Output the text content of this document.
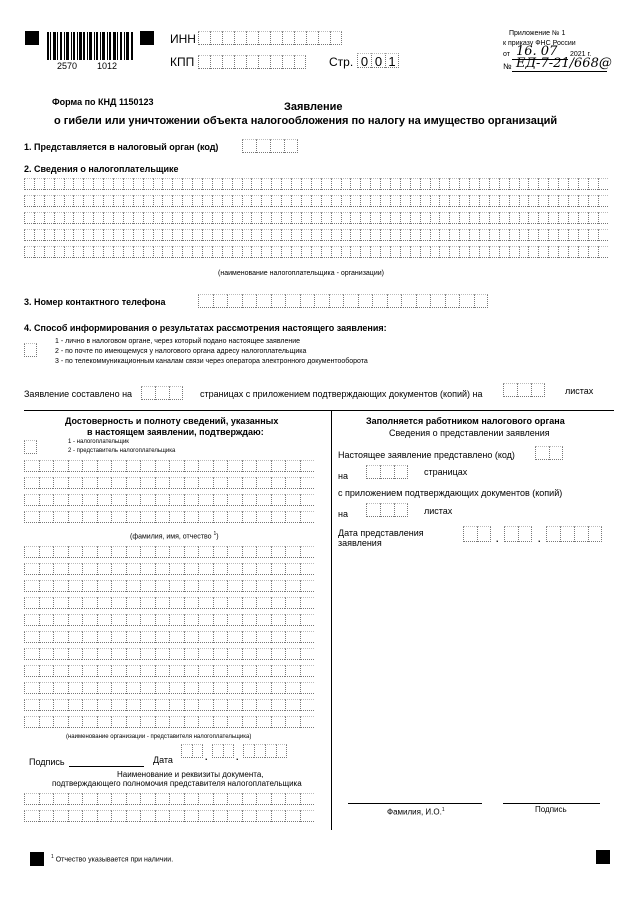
2570 1012
ИНН
КПП	Стр. 0 0 1
Приложение № 1
к приказу ФНС России
от 16. 07 2021 г.
№ ЕД-7-21/668@
Форма по КНД 1150123	Заявление
о гибели или уничтожении объекта налогообложения по налогу на имущество организаций
1. Представляется в налоговый орган (код)
2. Сведения о налогоплательщике
(наименование налогоплательщика - организации)
3. Номер контактного телефона
4. Способ информирования о результатах рассмотрения настоящего заявления:
1 - лично в налоговом органе, через который подано настоящее заявление
2 - по почте по имеющемуся у налогового органа адресу налогоплательщика
3 - по телекоммуникационным каналам связи через оператора электронного документооборота
Заявление составлено на	страницах с приложением подтверждающих документов (копий) на	листах
Достоверность и полноту сведений, указанных
в настоящем заявлении, подтверждаю:
1 - налогоплательщик
2 - представитель налогоплательщика
(фамилия, имя, отчество $^1$)
(наименование организации - представителя налогоплательщика)
Подпись	Дата	.	.
Наименование и реквизиты документа,
подтверждающего полномочия представителя налогоплательщика
Заполняется работником налогового органа
Сведения о представлении заявления
Настоящее заявление представлено (код)
на	страницах
с приложением подтверждающих документов (копий)
на	листах
Дата представления
заявления	.	.
Фамилия, И.О.$^1$	Подпись
$^1$ Отчество указывается при наличии.
